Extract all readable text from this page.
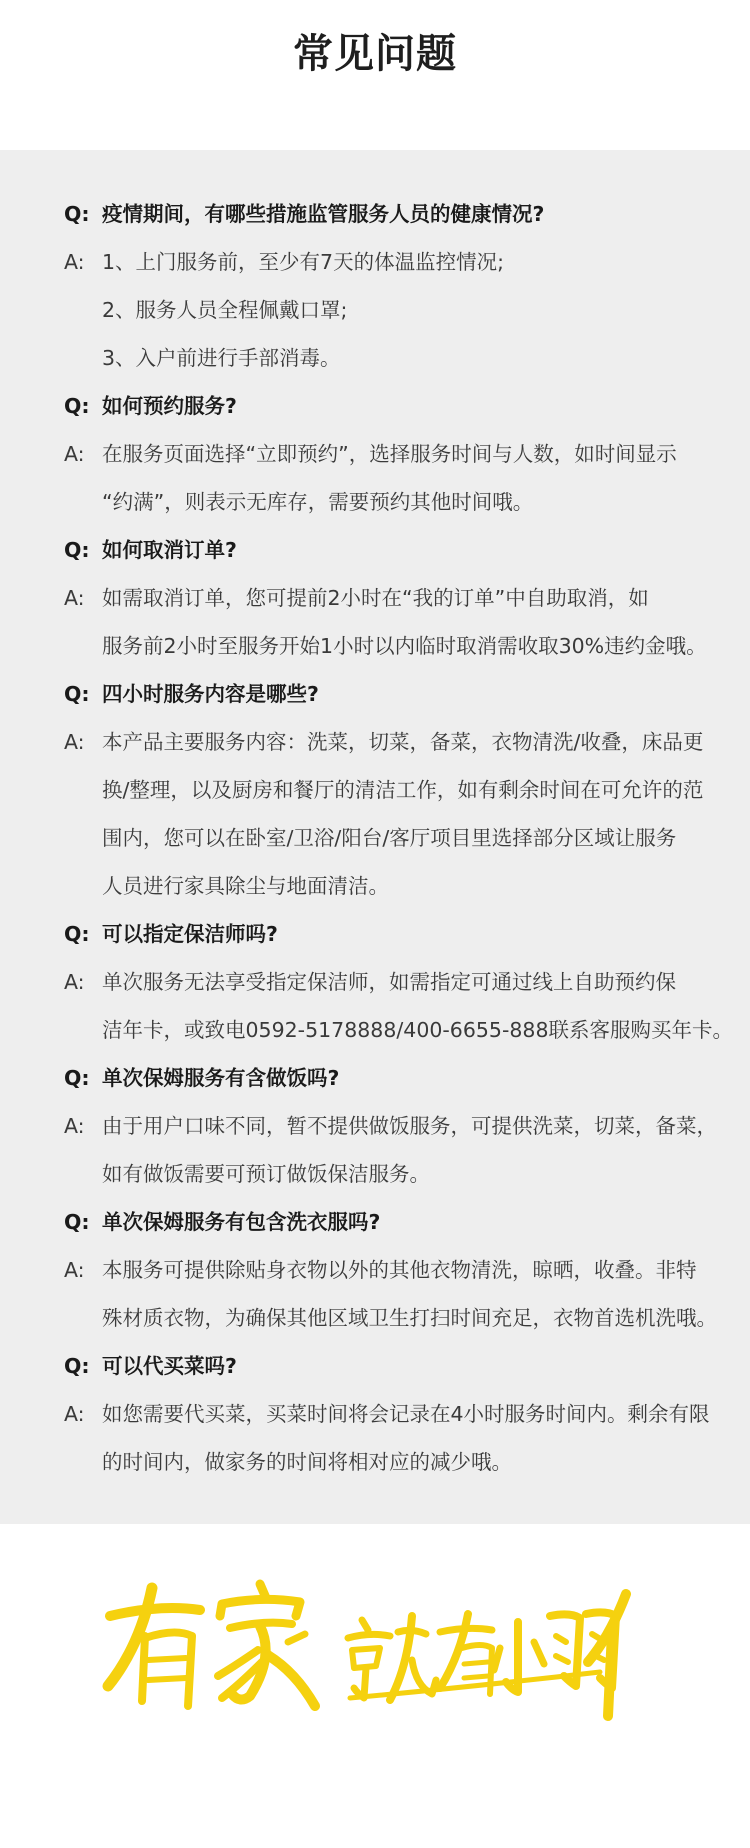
常见问题
Q: 疫情期间，有哪些措施监管服务人员的健康情况?
A: 1、上门服务前，至少有7天的体温监控情况;
2、服务人员全程佩戴口罩;
3、入户前进行手部消毒。
Q: 如何预约服务?
A: 在服务页面选择“立即预约”，选择服务时间与人数，如时间显示
“约满”，则表示无库存，需要预约其他时间哦。
Q: 如何取消订单?
A: 如需取消订单，您可提前2小时在“我的订单”中自助取消，如
服务前2小时至服务开始1小时以内临时取消需收取30%违约金哦。
Q: 四小时服务内容是哪些?
A: 本产品主要服务内容：洗菜，切菜，备菜，衣物清洗/收叠，床品更
换/整理，以及厨房和餐厅的清洁工作，如有剩余时间在可允许的范
围内，您可以在卧室/卫浴/阳台/客厅项目里选择部分区域让服务
人员进行家具除尘与地面清洁。
Q: 可以指定保洁师吗?
A: 单次服务无法享受指定保洁师，如需指定可通过线上自助预约保
洁年卡，或致电0592-5178888/400-6655-888联系客服购买年卡。
Q: 单次保姆服务有含做饭吗?
A: 由于用户口味不同，暂不提供做饭服务，可提供洗菜，切菜，备菜，
如有做饭需要可预订做饭保洁服务。
Q: 单次保姆服务有包含洗衣服吗?
A: 本服务可提供除贴身衣物以外的其他衣物清洗，晾晒，收叠。非特
殊材质衣物，为确保其他区域卫生打扫时间充足，衣物首选机洗哦。
Q: 可以代买菜吗?
A: 如您需要代买菜，买菜时间将会记录在4小时服务时间内。剩余有限
的时间内，做家务的时间将相对应的减少哦。
